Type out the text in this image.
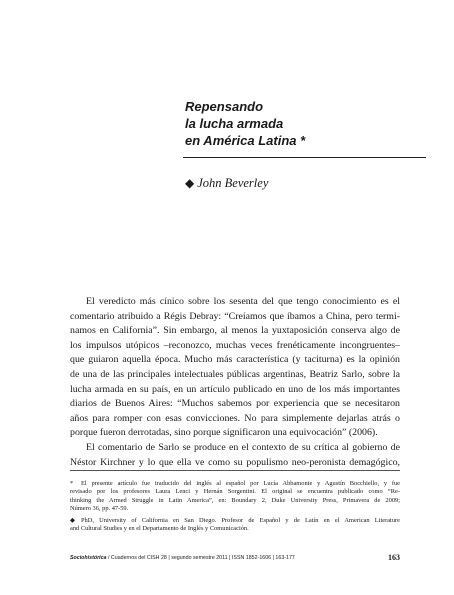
Repensando
la lucha armada
en América Latina *
◆ John Beverley
El veredicto más cínico sobre los sesenta del que tengo conocimiento es el
comentario atribuido a Régis Debray: “Creíamos que íbamos a China, pero termi-
namos en California”. Sin embargo, al menos la yuxtaposición conserva algo de
los impulsos utópicos –reconozco, muchas veces frenéticamente incongruentes–
que guiaron aquella época. Mucho más característica (y taciturna) es la opinión
de una de las principales intelectuales públicas argentinas, Beatriz Sarlo, sobre la
lucha armada en su país, en un artículo publicado en uno de los más importantes
diarios de Buenos Aires: “Muchos sabemos por experiencia que se necesitaron
años para romper con esas convicciones. No para simplemente dejarlas atrás o
porque fueron derrotadas, sino porque significaron una equivocación” (2006).
El comentario de Sarlo se produce en el contexto de su crítica al gobierno de
Néstor Kirchner y lo que ella ve como su populismo neo-peronista demagógico,
* El presente artículo fue traducido del inglés al español por Lucía Abbamonte y Agustín Bocchiello, y fue
revisado por los profesores Laura Lenci y Hernán Sorgentini. El original se encuentra publicado como “Re-
thinking the Armed Struggle in Latin America”, en: Boundary 2, Duke University Press, Primavera de 2009;
Número 36, pp. 47-59.
◆ PhD, University of California en San Diego. Profesor de Español y de Latín en el American Literature
and Cultural Studies y en el Departamento de Inglés y Comunicación.
Sociohistórica / Cuadernos del CISH 28 | segundo semestre 2011 | ISSN 1852-1606 | 163-177	163
